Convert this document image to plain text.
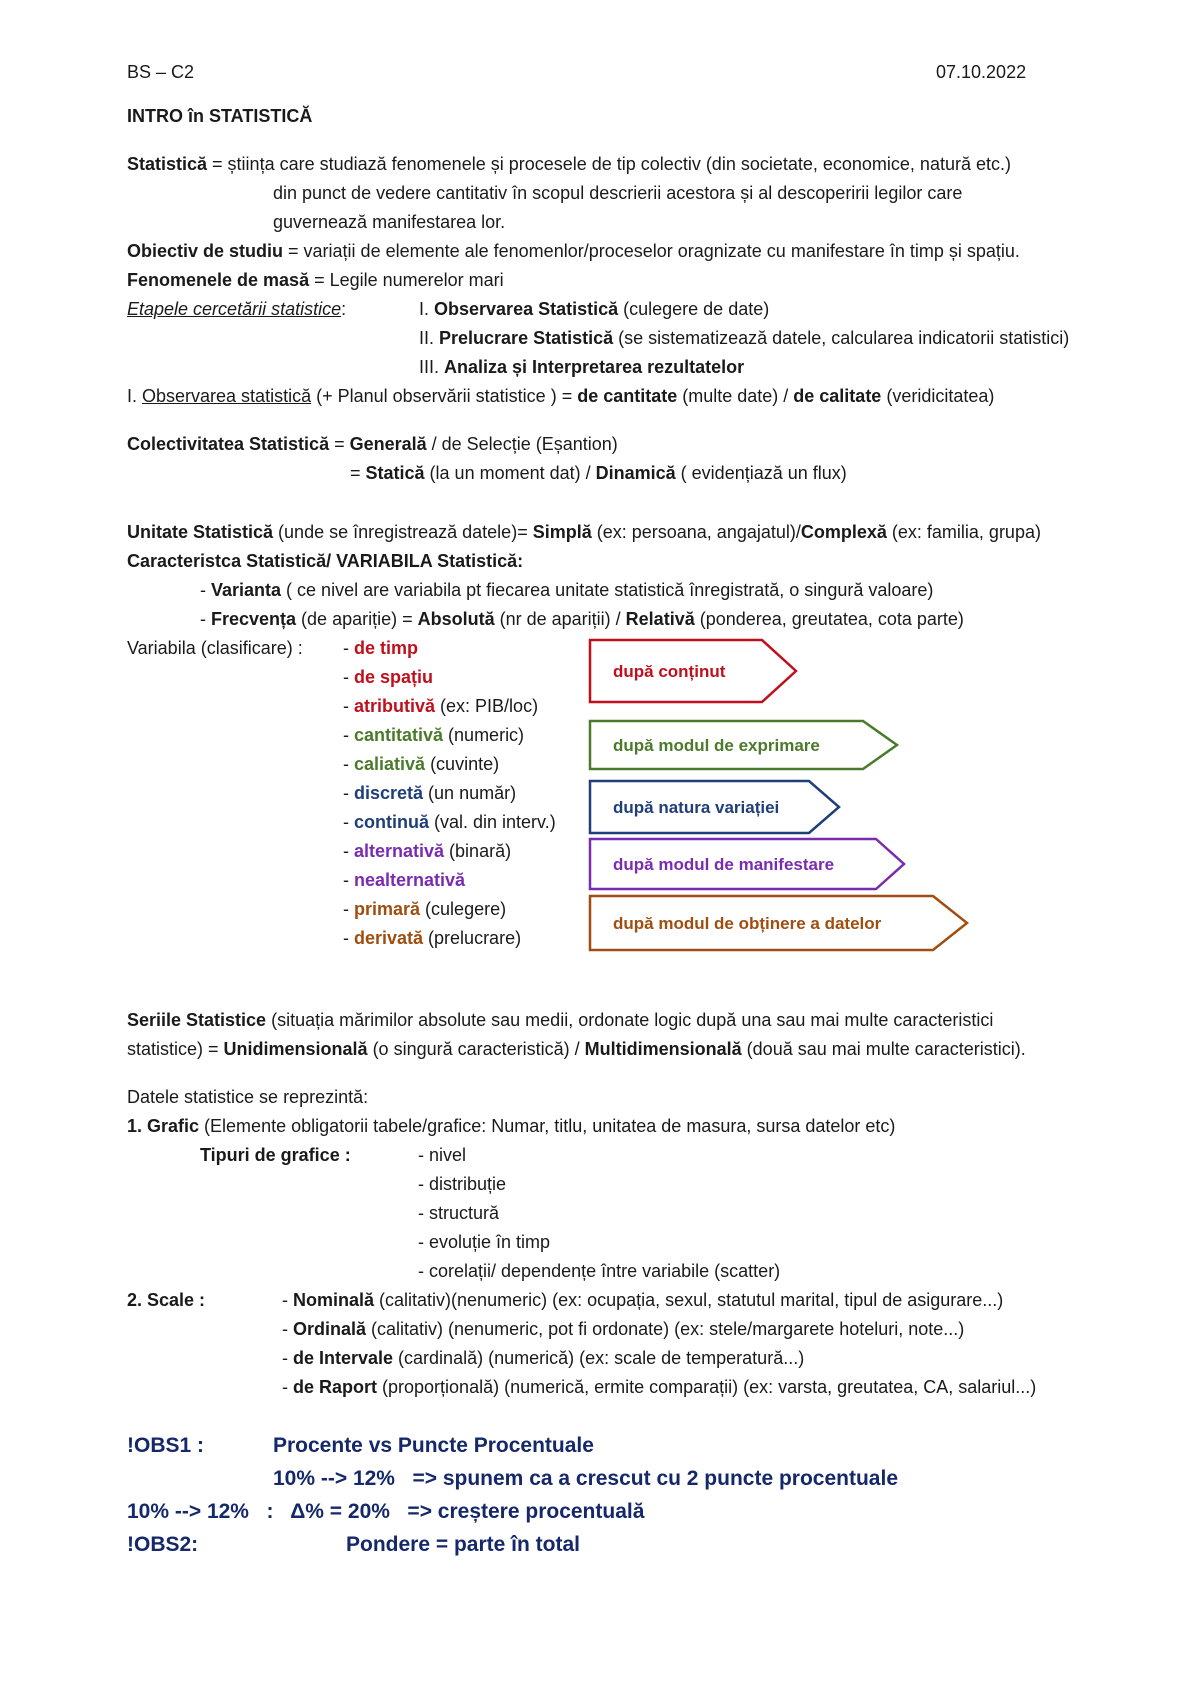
BS – C2	07.10.2022
INTRO în STATISTICĂ
Statistică = știința care studiază fenomenele și procesele de tip colectiv (din societate, economice, natură etc.)
din punct de vedere cantitativ în scopul descrierii acestora și al descoperirii legilor care
guvernează manifestarea lor.
Obiectiv de studiu = variații de elemente ale fenomenlor/proceselor oragnizate cu manifestare în timp și spațiu.
Fenomenele de masă = Legile numerelor mari
Etapele cercetării statistice:	I. Observarea Statistică (culegere de date)
II. Prelucrare Statistică (se sistematizează datele, calcularea indicatorii statistici)
III. Analiza și Interpretarea rezultatelor
I. Observarea statistică (+ Planul observării statistice ) = de cantitate (multe date) / de calitate (veridicitatea)
Colectivitatea Statistică = Generală / de Selecție (Eșantion)
= Statică (la un moment dat) / Dinamică ( evidențiază un flux)
Unitate Statistică (unde se înregistrează datele)= Simplă (ex: persoana, angajatul)/Complexă (ex: familia, grupa)
Caracteristca Statistică/ VARIABILA Statistică:
- Varianta ( ce nivel are variabila pt fiecarea unitate statistică înregistrată, o singură valoare)
- Frecvența (de apariție) = Absolută (nr de apariții) / Relativă (ponderea, greutatea, cota parte)
Variabila (clasificare) : - de timp
- de spațiu
- atributivă (ex: PIB/loc)
- cantitativă (numeric)
- caliativă (cuvinte)
- discretă (un număr)
- continuă (val. din interv.)
- alternativă (binară)
- nealternativă
- primară (culegere)
- derivată (prelucrare)
după conținut
după modul de exprimare
după natura variației
după modul de manifestare
după modul de obținere a datelor
Seriile Statistice (situația mărimilor absolute sau medii, ordonate logic după una sau mai multe caracteristici
statistice) = Unidimensională (o singură caracteristică) / Multidimensională (două sau mai multe caracteristici).
Datele statistice se reprezintă:
1. Grafic (Elemente obligatorii tabele/grafice: Numar, titlu, unitatea de masura, sursa datelor etc)
Tipuri de grafice :	- nivel
- distribuție
- structură
- evoluție în timp
- corelații/ dependențe între variabile (scatter)
2. Scale :	- Nominală (calitativ)(nenumeric) (ex: ocupația, sexul, statutul marital, tipul de asigurare...)
- Ordinală (calitativ) (nenumeric, pot fi ordonate) (ex: stele/margarete hoteluri, note...)
- de Intervale (cardinală) (numerică) (ex: scale de temperatură...)
- de Raport (proporțională) (numerică, ermite comparații) (ex: varsta, greutatea, CA, salariul...)
!OBS1 :	Procente vs Puncte Procentuale
10% --> 12%   => spunem ca a crescut cu 2 puncte procentuale
10% --> 12%   :   Δ% = 20%   => creștere procentuală
!OBS2:	Pondere = parte în total
